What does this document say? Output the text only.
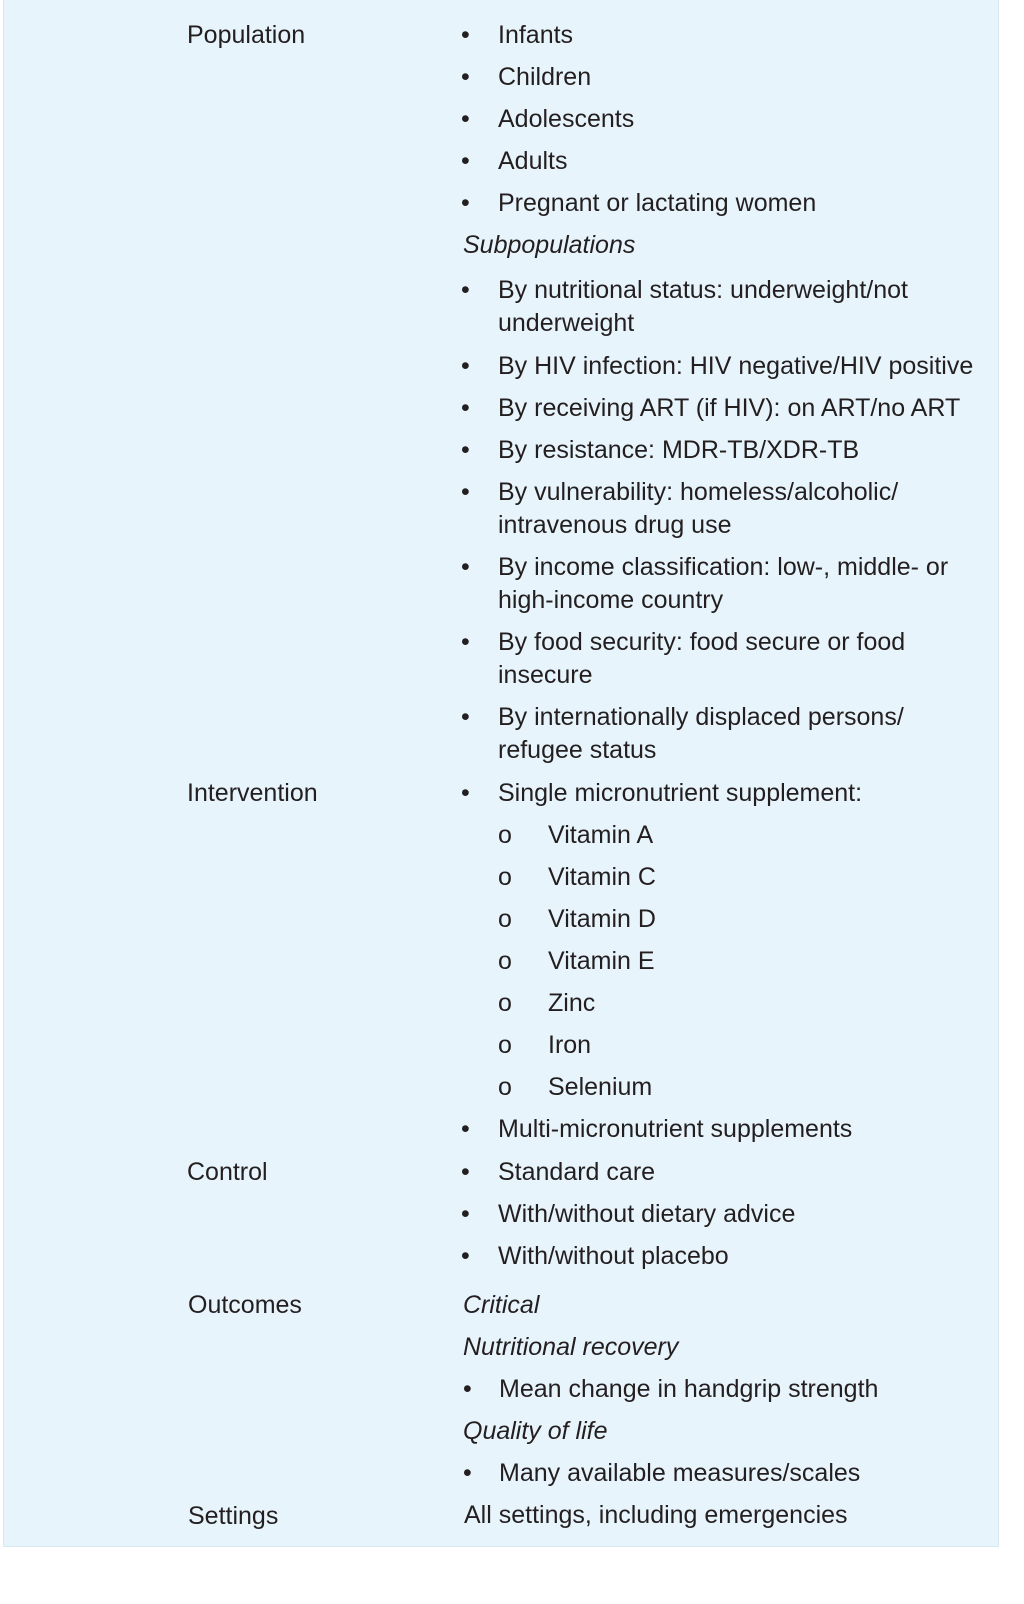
Population	• Infants
• Children
• Adolescents
• Adults
• Pregnant or lactating women
Subpopulations
• By nutritional status: underweight/not underweight
• By HIV infection: HIV negative/HIV positive
• By receiving ART (if HIV): on ART/no ART
• By resistance: MDR-TB/XDR-TB
• By vulnerability: homeless/alcoholic/ intravenous drug use
• By income classification: low-, middle- or high-income country
• By food security: food secure or food insecure
• By internationally displaced persons/ refugee status
Intervention	• Single micronutrient supplement:
o Vitamin A
o Vitamin C
o Vitamin D
o Vitamin E
o Zinc
o Iron
o Selenium
• Multi-micronutrient supplements
Control	• Standard care
• With/without dietary advice
• With/without placebo
Outcomes	Critical
Nutritional recovery
• Mean change in handgrip strength
Quality of life
• Many available measures/scales
Settings	All settings, including emergencies
